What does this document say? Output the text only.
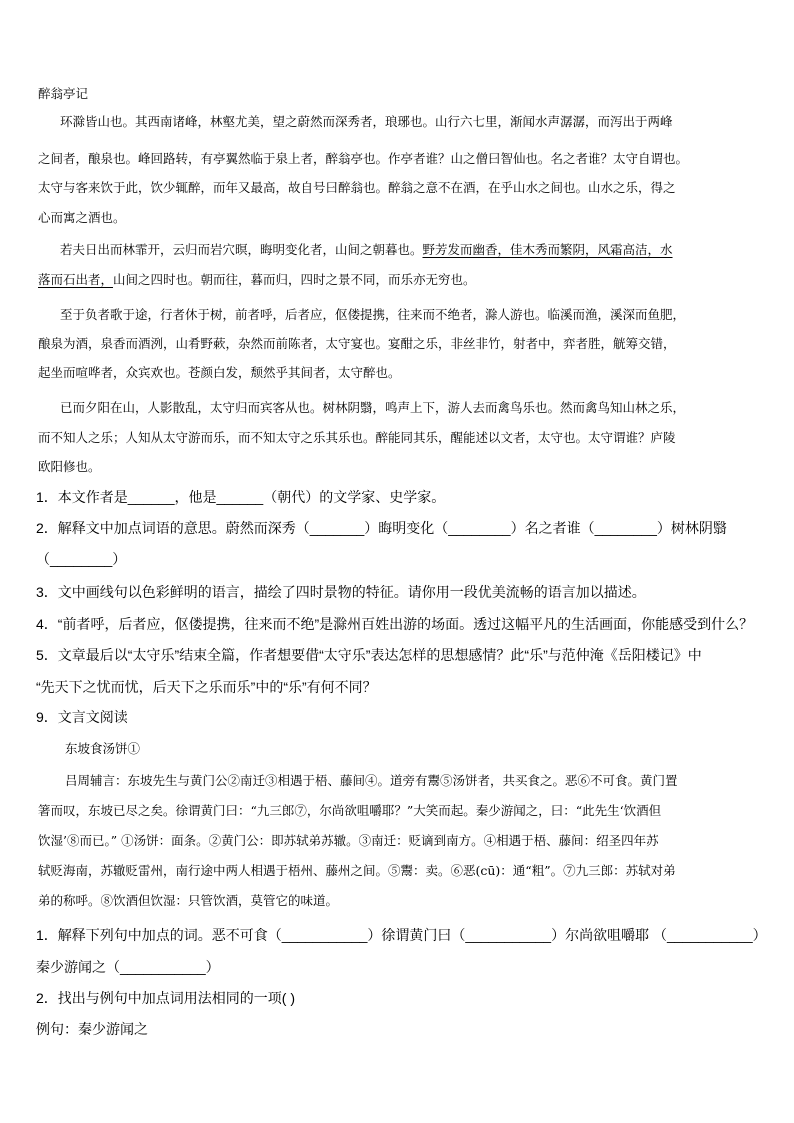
醉翁亭记
环滁皆山也。其西南诸峰，林壑尤美，望之蔚然而深秀者，琅琊也。山行六七里，渐闻水声潺潺，而泻出于两峰
之间者，酿泉也。峰回路转，有亭翼然临于泉上者，醉翁亭也。作亭者谁？山之僧曰智仙也。名之者谁？太守自谓也。
太守与客来饮于此，饮少辄醉，而年又最高，故自号曰醉翁也。醉翁之意不在酒，在乎山水之间也。山水之乐，得之
心而寓之酒也。
若夫日出而林霏开，云归而岩穴暝，晦明变化者，山间之朝暮也。野芳发而幽香，佳木秀而繁阴，风霜高洁，水
落而石出者，山间之四时也。朝而往，暮而归，四时之景不同，而乐亦无穷也。
至于负者歌于途，行者休于树，前者呼，后者应，伛偻提携，往来而不绝者，滁人游也。临溪而渔，溪深而鱼肥，
酿泉为酒，泉香而酒洌，山肴野蔌，杂然而前陈者，太守宴也。宴酣之乐，非丝非竹，射者中，弈者胜，觥筹交错，
起坐而喧哗者，众宾欢也。苍颜白发，颓然乎其间者，太守醉也。
已而夕阳在山，人影散乱，太守归而宾客从也。树林阴翳，鸣声上下，游人去而禽鸟乐也。然而禽鸟知山林之乐，
而不知人之乐；人知从太守游而乐，而不知太守之乐其乐也。醉能同其乐，醒能述以文者，太守也。太守谓谁？庐陵
欧阳修也。
1．本文作者是______，他是______（朝代）的文学家、史学家。
2．解释文中加点词语的意思。蔚然而深秀（_______）晦明变化（________）名之者谁（________）树林阴翳
（________）
3．文中画线句以色彩鲜明的语言，描绘了四时景物的特征。请你用一段优美流畅的语言加以描述。
4．“前者呼，后者应，伛偻提携，往来而不绝”是滁州百姓出游的场面。透过这幅平凡的生活画面，你能感受到什么？
5．文章最后以“太守乐”结束全篇，作者想要借“太守乐”表达怎样的思想感情？此“乐”与范仲淹《岳阳楼记》中
“先天下之忧而忧，后天下之乐而乐”中的“乐”有何不同？
9．文言文阅读
东坡食汤饼①
吕周辅言：东坡先生与黄门公②南迁③相遇于梧、藤间④。道旁有鬻⑤汤饼者，共买食之。恶⑥不可食。黄门置
箸而叹，东坡已尽之矣。徐谓黄门曰：“九三郎⑦，尔尚欲咀嚼耶？”大笑而起。秦少游闻之，曰：“此先生‘饮酒但
饮湿’⑧而已。” ①汤饼：面条。②黄门公：即苏轼弟苏辙。③南迁：贬谪到南方。④相遇于梧、藤间：绍圣四年苏
轼贬海南，苏辙贬雷州，南行途中两人相遇于梧州、藤州之间。⑤鬻：卖。⑥恶(cū)：通“粗”。⑦九三郎：苏轼对弟
弟的称呼。⑧饮酒但饮湿：只管饮酒，莫管它的味道。
1．解释下列句中加点的词。恶不可食（___________）徐谓黄门曰（___________）尔尚欲咀嚼耶 （___________）
秦少游闻之（___________）
2．找出与例句中加点词用法相同的一项( )
例句：秦少游闻之
